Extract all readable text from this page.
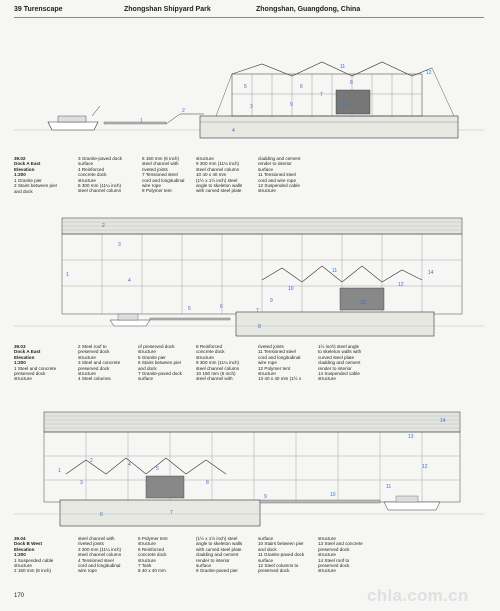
39 Turenscape	Zhongshan Shipyard Park	Zhongshan, Guangdong, China
1
2
3
4
5	6
7
8
9	10
11
12
39.02
Dock A East
Elevation
1:200
1 Granite pier
2 Stairs between pier
and dock
3 Granite-paved dock
surface
4 Reinforced
concrete dock
structure
5 300 mm (11¼ inch)
steel channel column
6 150 mm (6 inch)
steel channel with
riveted joints
7 Tensioned steel
cord and longitudinal
wire rope
8 Polymer tent
structure
9 300 mm (11¼ inch)
steel channel column
10 40 x 40 mm
(1½ x 1½ inch) steel
angle to skeleton walls
with curved steel plate
cladding and cement
render to interior
surface
11 Tensioned steel
cord and wire rope
12 Suspended cable
structure
1
2
3
4
5	6
7
8
9
10
11
12
13
14
39.03
Dock A East
Elevation
1:200
1 Steel and concrete
preserved dock
structure
2 Steel roof to
preserved dock
structure
3 Steel and concrete
preserved dock
structure
4 Steel columns
of preserved dock
structure
5 Granite pier
6 Stairs between pier
and dock
7 Granite-paved dock
surface
8 Reinforced
concrete dock
structure
9 300 mm (11¼ inch)
steel channel column
10 150 mm (6 inch)
steel channel with
riveted joints
11 Tensioned steel
cord and longitudinal
wire rope
12 Polymer tent
structure
13 40 x 40 mm (1½ x
1½ inch) steel angle
to skeleton walls with
curved steel plate
cladding and cement
render to interior
14 Suspended cable
structure
1
2
3
4
5
6	7
8
9	10
11
12
13
14
39.04
Dock B West
Elevation
1:200
1 Suspended cable
structure
2 150 mm (6 inch)
steel channel with
riveted joints
3 300 mm (11¼ inch)
steel channel column
4 Tensioned steel
cord and longitudinal
wire rope
5 Polymer tent
structure
6 Reinforced
concrete dock
structure
7 Tank
8 40 x 40 mm
(1½ x 1½ inch) steel
angle to skeleton walls
with curved steel plate
cladding and cement
render to interior
surface
9 Granite-paved pier
surface
10 Stairs between pier
and dock
11 Granite-paved dock
surface
12 Steel columns to
preserved dock
structure
13 Steel and concrete
preserved dock
structure
14 Steel roof to
preserved dock
structure
170	chla.com.cn
